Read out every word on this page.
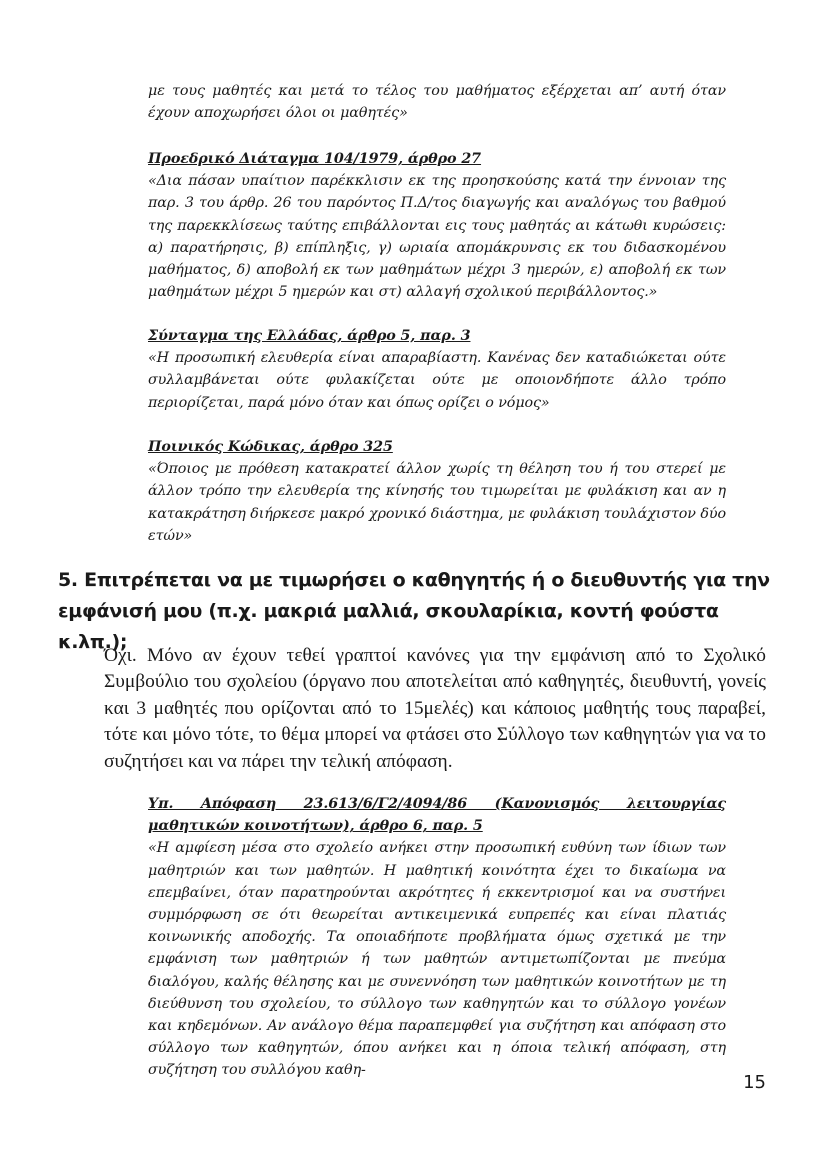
με τους μαθητές και μετά το τέλος του μαθήματος εξέρχεται απ’ αυτή όταν έχουν αποχωρήσει όλοι οι μαθητές»
Προεδρικό Διάταγμα 104/1979, άρθρο 27
«Δια πάσαν υπαίτιον παρέκκλισιν εκ της προησκούσης κατά την έννοιαν της παρ. 3 του άρθρ. 26 του παρόντος Π.Δ/τος διαγωγής και αναλόγως του βαθμού της παρεκκλίσεως ταύτης επιβάλλονται εις τους μαθητάς αι κάτωθι κυρώσεις: α) παρατήρησις, β) επίπληξις, γ) ωριαία απομάκρυνσις εκ του διδασκομένου μαθήματος, δ) αποβολή εκ των μαθημάτων μέχρι 3 ημερών, ε) αποβολή εκ των μαθημάτων μέχρι 5 ημερών και στ) αλλαγή σχολικού περιβάλλοντος.»
Σύνταγμα της Ελλάδας, άρθρο 5, παρ. 3
«Η προσωπική ελευθερία είναι απαραβίαστη. Κανένας δεν καταδιώκεται ούτε συλλαμβάνεται ούτε φυλακίζεται ούτε με οποιονδήποτε άλλο τρόπο περιορίζεται, παρά μόνο όταν και όπως ορίζει ο νόμος»
Ποινικός Κώδικας, άρθρο 325
«Όποιος με πρόθεση κατακρατεί άλλον χωρίς τη θέληση του ή του στερεί με άλλον τρόπο την ελευθερία της κίνησής του τιμωρείται με φυλάκιση και αν η κατακράτηση διήρκεσε μακρό χρονικό διάστημα, με φυλάκιση τουλάχιστον δύο ετών»
5. Επιτρέπεται να με τιμωρήσει ο καθηγητής ή ο διευθυντής για την εμφάνισή μου (π.χ. μακριά μαλλιά, σκουλαρίκια, κοντή φούστα κ.λπ.);
Όχι. Μόνο αν έχουν τεθεί γραπτοί κανόνες για την εμφάνιση από το Σχολικό Συμβούλιο του σχολείου (όργανο που αποτελείται από καθηγητές, διευθυντή, γονείς και 3 μαθητές που ορίζονται από το 15μελές) και κάποιος μαθητής τους παραβεί, τότε και μόνο τότε, το θέμα μπορεί να φτάσει στο Σύλλογο των καθηγητών για να το συζητήσει και να πάρει την τελική απόφαση.
Υπ. Απόφαση 23.613/6/Γ2/4094/86 (Κανονισμός λειτουργίας μαθητικών κοινοτήτων), άρθρο 6, παρ. 5
«Η αμφίεση μέσα στο σχολείο ανήκει στην προσωπική ευθύνη των ίδιων των μαθητριών και των μαθητών. Η μαθητική κοινότητα έχει το δικαίωμα να επεμβαίνει, όταν παρατηρούνται ακρότητες ή εκκεντρισμοί και να συστήνει συμμόρφωση σε ότι θεωρείται αντικειμενικά ευπρεπές και είναι πλατιάς κοινωνικής αποδοχής. Τα οποιαδήποτε προβλήματα όμως σχετικά με την εμφάνιση των μαθητριών ή των μαθητών αντιμετωπίζονται με πνεύμα διαλόγου, καλής θέλησης και με συνεννόηση των μαθητικών κοινοτήτων με τη διεύθυνση του σχολείου, το σύλλογο των καθηγητών και το σύλλογο γονέων και κηδεμόνων. Αν ανάλογο θέμα παραπεμφθεί για συζήτηση και απόφαση στο σύλλογο των καθηγητών, όπου ανήκει και η όποια τελική απόφαση, στη συζήτηση του συλλόγου καθη-
15
